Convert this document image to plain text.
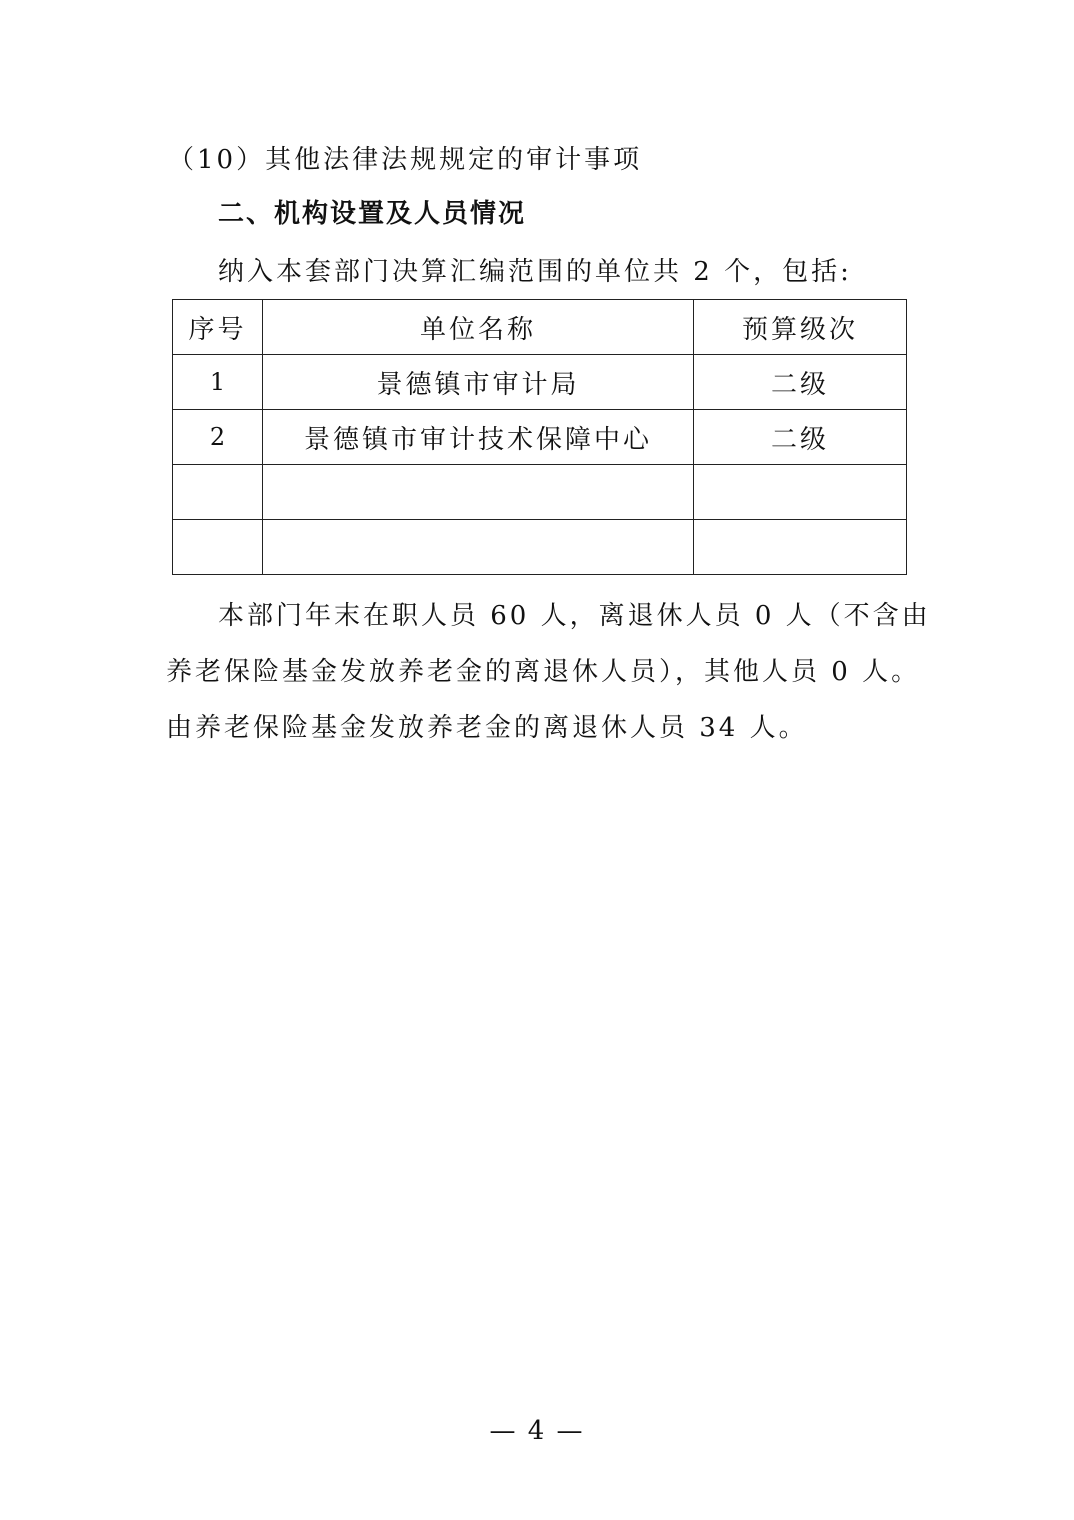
（10）其他法律法规规定的审计事项
二、机构设置及人员情况
纳入本套部门决算汇编范围的单位共 2 个，包括:
序号	单位名称	预算级次
1	景德镇市审计局	二级
2	景德镇市审计技术保障中心	二级

本部门年末在职人员 60 人，离退休人员 0 人（不含由
养老保险基金发放养老金的离退休人员），其他人员 0 人。
由养老保险基金发放养老金的离退休人员 34 人。
— 4 —
